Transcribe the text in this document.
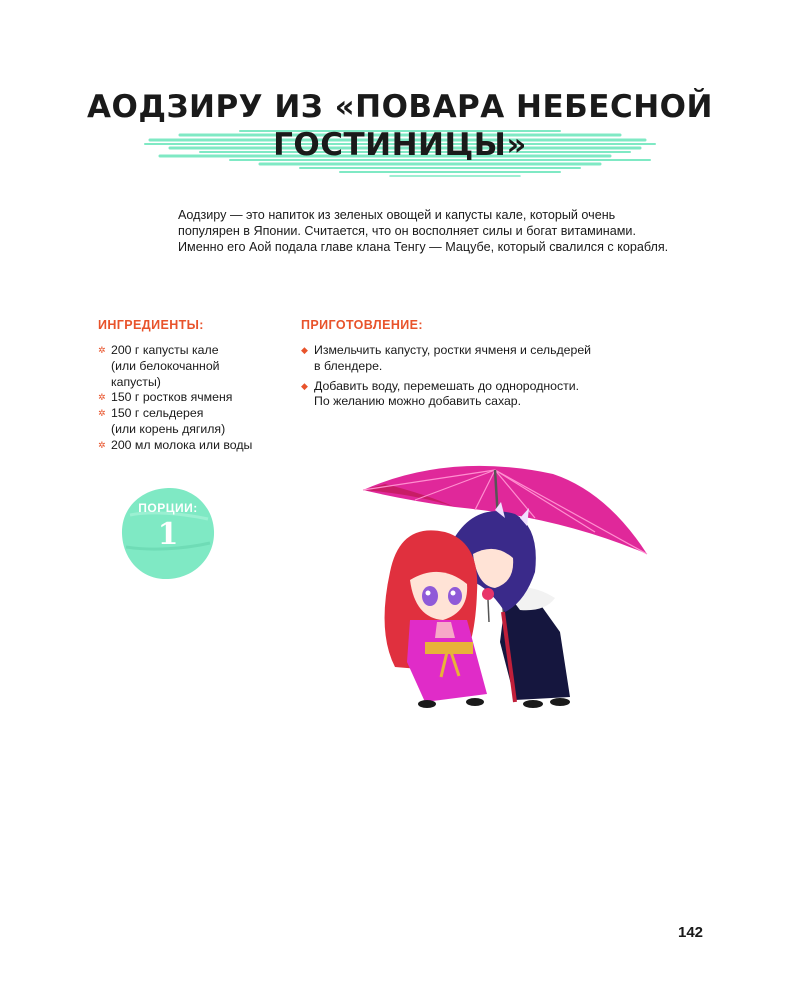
АОДЗИРУ ИЗ «ПОВАРА НЕБЕСНОЙ
ГОСТИНИЦЫ»

Аодзиру — это напиток из зеленых овощей и капусты кале, который очень популярен в Японии. Считается, что он восполняет силы и богат витаминами. Именно его Аой подала главе клана Тенгу — Мацубе, который свалился с корабля.

ИНГРЕДИЕНТЫ:
✲ 200 г капусты кале
(или белокочанной
капусты)
✲ 150 г ростков ячменя
✲ 150 г сельдерея
(или корень дягиля)
✲ 200 мл молока или воды
ПРИГОТОВЛЕНИЕ:
◆ Измельчить капусту, ростки ячменя и сельдерей
в блендере.
◆ Добавить воду, перемешать до однородности.
По желанию можно добавить сахар.
ПОРЦИИ:
1
142
